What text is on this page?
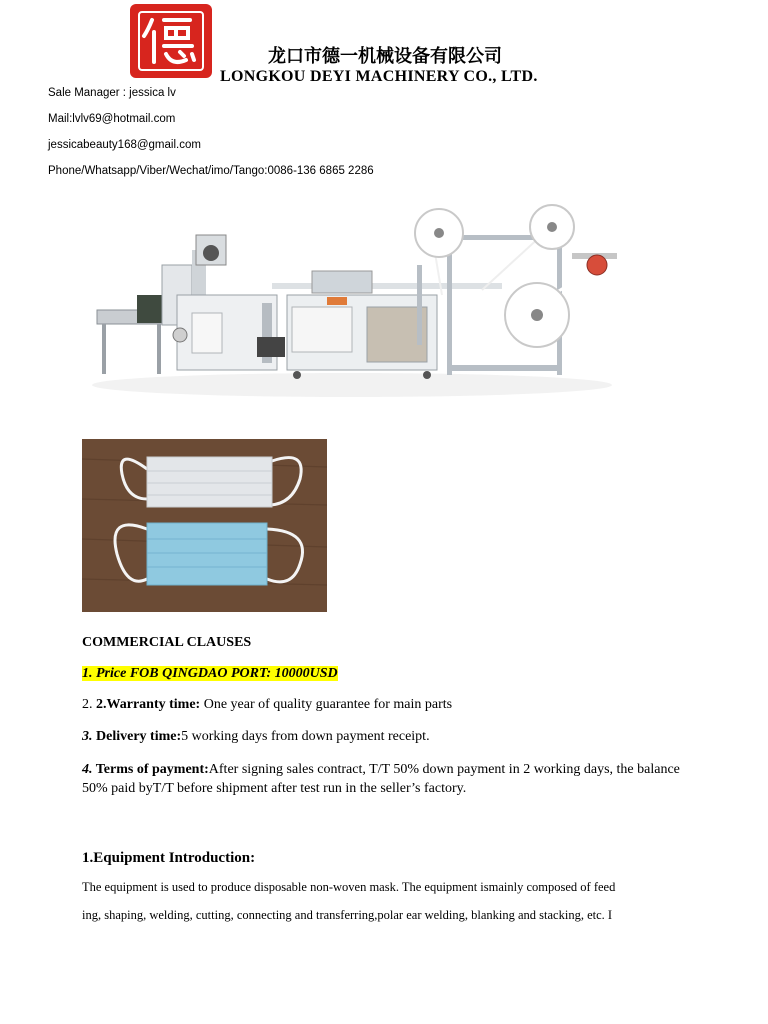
龙口市德一机械设备有限公司
LONGKOU DEYI MACHINERY CO., LTD.
Sale Manager : jessica lv
Mail:lvlv69@hotmail.com
jessicabeauty168@gmail.com
Phone/Whatsapp/Viber/Wechat/imo/Tango:0086-136 6865 2286
COMMERCIAL CLAUSES
1. Price FOB QINGDAO PORT: 10000USD
2. 2.Warranty time: One year of quality guarantee for main parts
3. Delivery time:5 working days from down payment receipt.
4. Terms of payment:After signing sales contract, T/T 50% down payment in 2 working days, the balance 50% paid byT/T before shipment after test run in the seller’s factory.
1.Equipment Introduction:
The equipment is used to produce disposable non-woven mask. The equipment ismainly composed of feed
ing, shaping, welding, cutting, connecting and transferring,polar ear welding, blanking and stacking, etc. I
